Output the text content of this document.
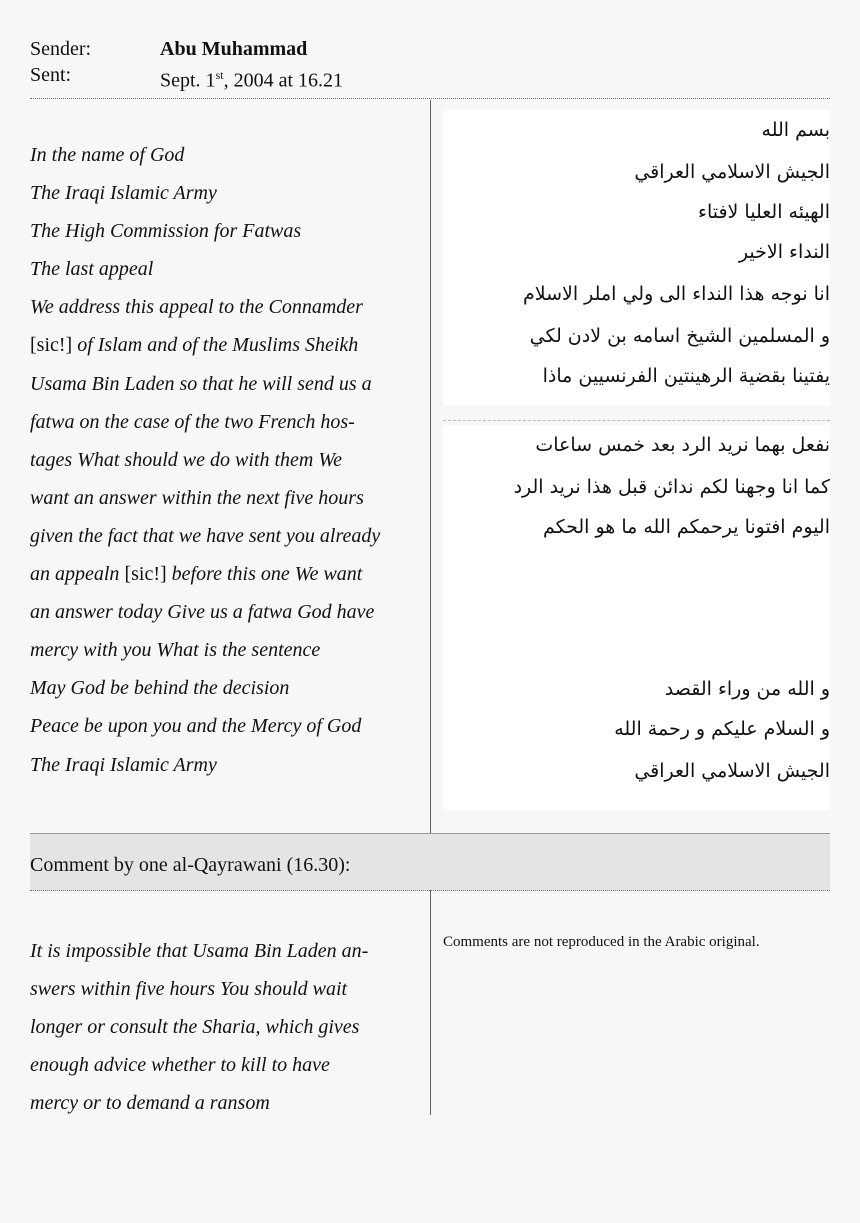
Sender:	Abu Muhammad
Sent:	Sept. 1st, 2004 at 16.21
In the name of God
The Iraqi Islamic Army
The High Commission for Fatwas
The last appeal
We address this appeal to the Connamder
[sic!] of Islam and of the Muslims Sheikh
Usama Bin Laden so that he will send us a
fatwa on the case of the two French hos-
tages What should we do with them We
want an answer within the next five hours
given the fact that we have sent you already
an appealn [sic!] before this one We want
an answer today Give us a fatwa God have
mercy with you What is the sentence
May God be behind the decision
Peace be upon you and the Mercy of God
The Iraqi Islamic Army
بسم الله
الجيش الاسلامي العراقي
الهيئه العليا لافتاء
النداء الاخير
انا نوجه هذا النداء الى ولي املر الاسلام
و المسلمين الشيخ اسامه بن لادن لكي
يفتينا بقضية الرهينتين الفرنسيين ماذا
نفعل بهما نريد الرد بعد خمس ساعات
كما انا وجهنا لكم ندائن قبل هذا نريد الرد
اليوم افتونا يرحمكم الله ما هو الحكم
و الله من وراء القصد
و السلام عليكم و رحمة الله
الجيش الاسلامي العراقي
Comment by one al-Qayrawani (16.30):
It is impossible that Usama Bin Laden an-
swers within five hours You should wait
longer or consult the Sharia, which gives
enough advice whether to kill to have
mercy or to demand a ransom
Comments are not reproduced in the Arabic original.
